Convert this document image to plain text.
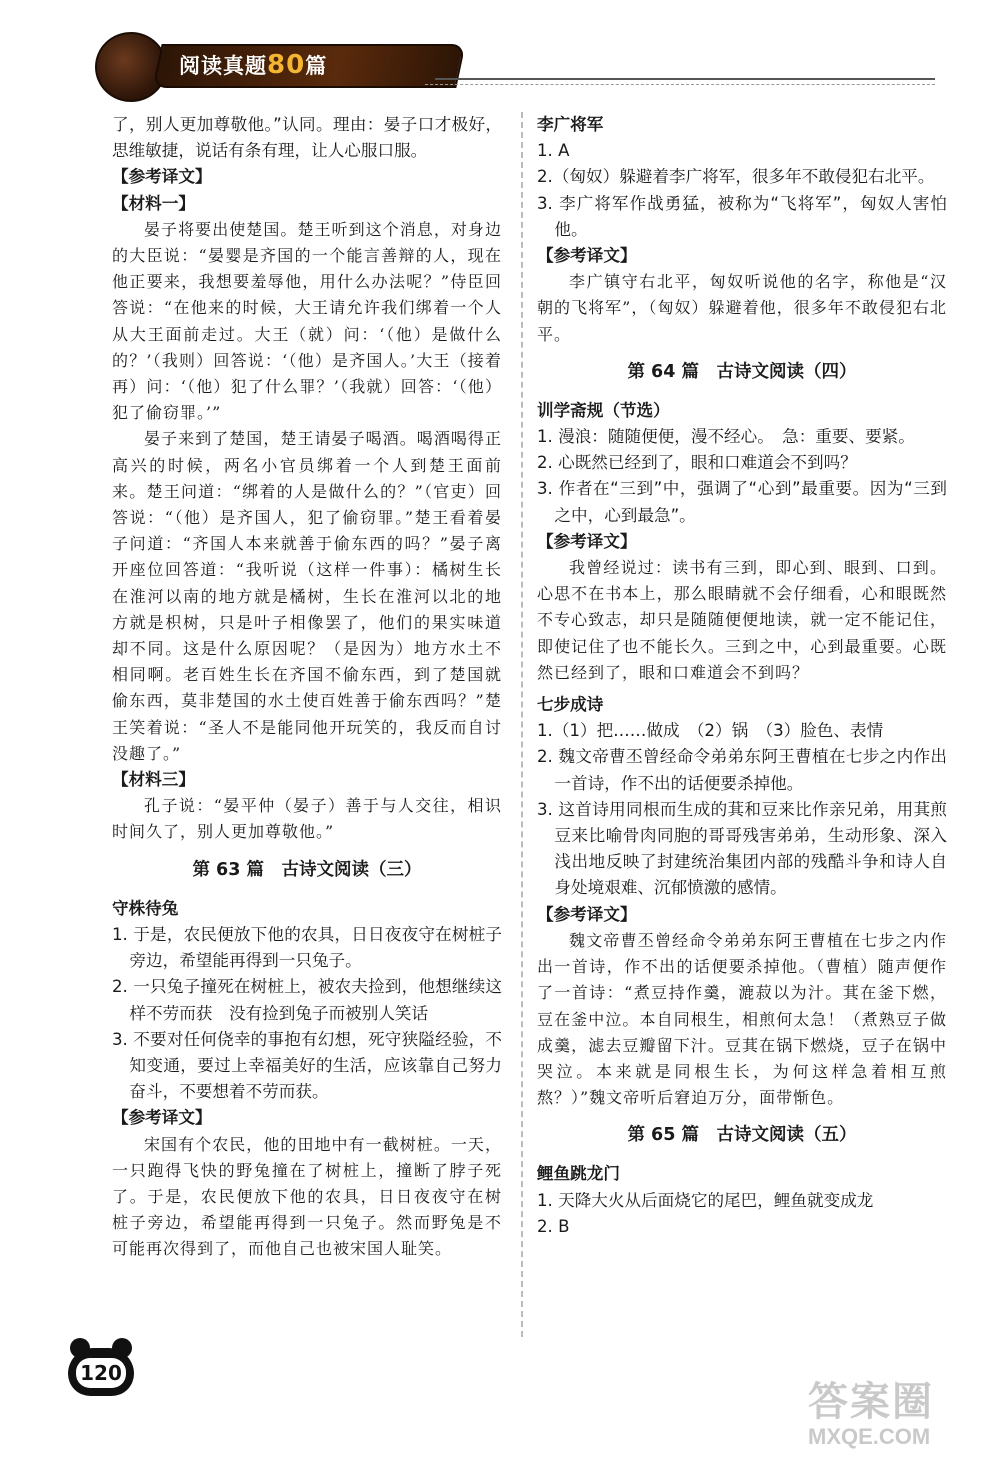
阅读真题80篇

了，别人更加尊敬他。”认同。理由：晏子口才极好，思维敏捷，说话有条有理，让人心服口服。

【参考译文】

【材料一】

晏子将要出使楚国。楚王听到这个消息，对身边的大臣说：“晏婴是齐国的一个能言善辩的人，现在他正要来，我想要羞辱他，用什么办法呢？”侍臣回答说：“在他来的时候，大王请允许我们绑着一个人从大王面前走过。大王（就）问：‘（他）是做什么的？’（我则）回答说：‘（他）是齐国人。’大王（接着再）问：‘（他）犯了什么罪？’（我就）回答：‘（他）犯了偷窃罪。’”

晏子来到了楚国，楚王请晏子喝酒。喝酒喝得正高兴的时候，两名小官员绑着一个人到楚王面前来。楚王问道：“绑着的人是做什么的？”（官吏）回答说：“（他）是齐国人，犯了偷窃罪。”楚王看着晏子问道：“齐国人本来就善于偷东西的吗？”晏子离开座位回答道：“我听说（这样一件事）：橘树生长在淮河以南的地方就是橘树，生长在淮河以北的地方就是枳树，只是叶子相像罢了，他们的果实味道却不同。这是什么原因呢？（是因为）地方水土不相同啊。老百姓生长在齐国不偷东西，到了楚国就偷东西，莫非楚国的水土使百姓善于偷东西吗？”楚王笑着说：“圣人不是能同他开玩笑的，我反而自讨没趣了。”

【材料三】

孔子说：“晏平仲（晏子）善于与人交往，相识时间久了，别人更加尊敬他。”

第 63 篇　古诗文阅读（三）

守株待兔

1. 于是，农民便放下他的农具，日日夜夜守在树桩子旁边，希望能再得到一只兔子。

2. 一只兔子撞死在树桩上，被农夫捡到，他想继续这样不劳而获　没有捡到兔子而被别人笑话

3. 不要对任何侥幸的事抱有幻想，死守狭隘经验，不知变通，要过上幸福美好的生活，应该靠自己努力奋斗，不要想着不劳而获。

【参考译文】

宋国有个农民，他的田地中有一截树桩。一天，一只跑得飞快的野兔撞在了树桩上，撞断了脖子死了。于是，农民便放下他的农具，日日夜夜守在树桩子旁边，希望能再得到一只兔子。然而野兔是不可能再次得到了，而他自己也被宋国人耻笑。

李广将军

1. A

2.（匈奴）躲避着李广将军，很多年不敢侵犯右北平。

3. 李广将军作战勇猛，被称为“飞将军”，匈奴人害怕他。

【参考译文】

李广镇守右北平，匈奴听说他的名字，称他是“汉朝的飞将军”，（匈奴）躲避着他，很多年不敢侵犯右北平。

第 64 篇　古诗文阅读（四）

训学斋规（节选）

1. 漫浪：随随便便，漫不经心。　急：重要、要紧。

2. 心既然已经到了，眼和口难道会不到吗？

3. 作者在“三到”中，强调了“心到”最重要。因为“三到之中，心到最急”。

【参考译文】

我曾经说过：读书有三到，即心到、眼到、口到。心思不在书本上，那么眼睛就不会仔细看，心和眼既然不专心致志，却只是随随便便地读，就一定不能记住，即使记住了也不能长久。三到之中，心到最重要。心既然已经到了，眼和口难道会不到吗？

七步成诗

1.（1）把……做成　（2）锅　（3）脸色、表情

2. 魏文帝曹丕曾经命令弟弟东阿王曹植在七步之内作出一首诗，作不出的话便要杀掉他。

3. 这首诗用同根而生成的萁和豆来比作亲兄弟，用萁煎豆来比喻骨肉同胞的哥哥残害弟弟，生动形象、深入浅出地反映了封建统治集团内部的残酷斗争和诗人自身处境艰难、沉郁愤激的感情。

【参考译文】

魏文帝曹丕曾经命令弟弟东阿王曹植在七步之内作出一首诗，作不出的话便要杀掉他。（曹植）随声便作了一首诗：“煮豆持作羹，漉菽以为汁。萁在釜下燃，豆在釜中泣。本自同根生，相煎何太急！（煮熟豆子做成羹，滤去豆瓣留下汁。豆萁在锅下燃烧，豆子在锅中哭泣。本来就是同根生长，为何这样急着相互煎熬？）”魏文帝听后窘迫万分，面带惭色。

第 65 篇　古诗文阅读（五）

鲤鱼跳龙门

1. 天降大火从后面烧它的尾巴，鲤鱼就变成龙

2. B

120
答案圈
MXQE.COM
